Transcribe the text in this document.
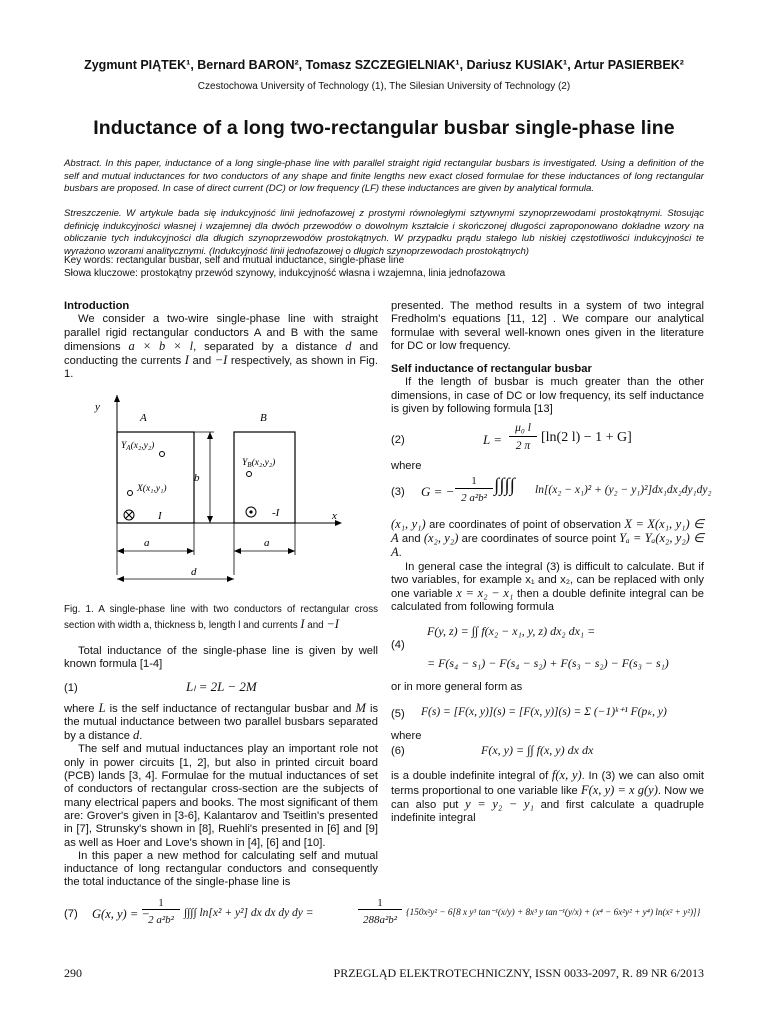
Zygmunt PIĄTEK¹, Bernard BARON², Tomasz SZCZEGIELNIAK¹, Dariusz KUSIAK¹, Artur PASIERBEK²
Czestochowa University of Technology (1), The Silesian University of Technology (2)
Inductance of a long two-rectangular busbar single-phase line
Abstract. In this paper, inductance of a long single-phase line with parallel straight rigid rectangular busbars is investigated. Using a definition of the self and mutual inductances for two conductors of any shape and finite lengths new exact closed formulae for these inductances of long rectangular busbars are proposed. In case of direct current (DC) or low frequency (LF) these inductances are given by analytical formula.
Streszczenie. W artykule bada się indukcyjność linii jednofazowej z prostymi równoległymi sztywnymi szynoprzewodami prostokątnymi. Stosując definicję indukcyjności własnej i wzajemnej dla dwóch przewodów o dowolnym kształcie i skończonej długości zaproponowano dokładne wzory na obliczanie tych indukcyjności dla długich szynoprzewodów prostokątnych. W przypadku prądu stałego lub niskiej częstotliwości indukcyjności te wyrażono wzorami analitycznymi. (Indukcyjność linii jednofazowej o długich szynoprzewodach prostokątnych)
Key words: rectangular busbar, self and mutual inductance, single-phase line
Słowa kluczowe: prostokątny przewód szynowy, indukcyjność własna i wzajemna, linia jednofazowa
Introduction
We consider a two-wire single-phase line with straight parallel rigid rectangular conductors A and B with the same dimensions a × b × l, separated by a distance d and conducting the currents I and −I respectively, as shown in Fig. 1.
y
x
A	B
$Y_A(x_2,y_2)$
$Y_B(x_2,y_2)$
X(x₁,y₁)
I	-I
b
a	a
d
Fig. 1. A single-phase line with two conductors of rectangular cross section with width a, thickness b, length l and currents I and −I
Total inductance of the single-phase line is given by well known formula [1-4]
(1)	Lₗ = 2L − 2M
where L is the self inductance of rectangular busbar and M is the mutual inductance between two parallel busbars separated by a distance d.
The self and mutual inductances play an important role not only in power circuits [1, 2], but also in printed circuit board (PCB) lands [3, 4]. Formulae for the mutual inductances of set of conductors of rectangular cross-section are the subjects of many electrical papers and books. The most significant of them are: Grover's given in [3-6], Kalantarov and Tseitlin's presented in [7], Strunsky's shown in [8], Ruehli's presented in [6] and [9] as well as Hoer and Love's shown in [4], [6] and [10].
In this paper a new method for calculating self and mutual inductance of long rectangular conductors and consequently the total inductance of the single-phase line is
presented. The method results in a system of two integral Fredholm's equations [11, 12] . We compare our analytical formulae with several well-known ones given in the literature for DC or low frequency.
Self inductance of rectangular busbar
If the length of busbar is much greater than the other dimensions, in case of DC or low frequency, its self inductance is given by following formula [13]
(2)	L =
μ₀ l
2 π
[ln(2 l) − 1 + G]
where
(3) G = −
1
2 a²b²
∫∫∫∫ ln[(x₂ − x₁)² + (y₂ − y₁)²]dx₁dx₂dy₁dy₂
(x₁, y₁) are coordinates of point of observation X = X(x₁, y₁) ∈ A and (x₂, y₂) are coordinates of source point Yₐ = Yₐ(x₂, y₂) ∈ A.
In general case the integral (3) is difficult to calculate. But if two variables, for example x₁ and x₂, can be replaced with only one variable x = x₂ − x₁ then a double definite integral can be calculated from following formula
(4)
F(y, z) = ∫∫ f(x₂ − x₁, y, z) dx₂ dx₁ =
= F(s₄ − s₁) − F(s₄ − s₂) + F(s₃ − s₂) − F(s₃ − s₁)
or in more general form as
(5) F(s) = [F(x, y)](s) = [F(x, y)](s) = Σ (−1)ᵏ⁺¹ F(pₖ, y)
where
(6)	F(x, y) = ∫∫ f(x, y) dx dx
is a double indefinite integral of f(x, y). In (3) we can also omit terms proportional to one variable like F(x, y) = x g(y). Now we can also put y = y₂ − y₁ and first calculate a quadruple indefinite integral
(7) G(x, y) = −
1
2 a²b²
∫∫∫∫ ln[x² + y²] dx dx dy dy =
1
288a²b²
{150x²y² − 6[8 x y³ tan⁻¹(x/y) + 8x³ y tan⁻¹(y/x) + (x⁴ − 6x²y² + y⁴) ln(x² + y²)]}
290	PRZEGLĄD ELEKTROTECHNICZNY, ISSN 0033-2097, R. 89 NR 6/2013
